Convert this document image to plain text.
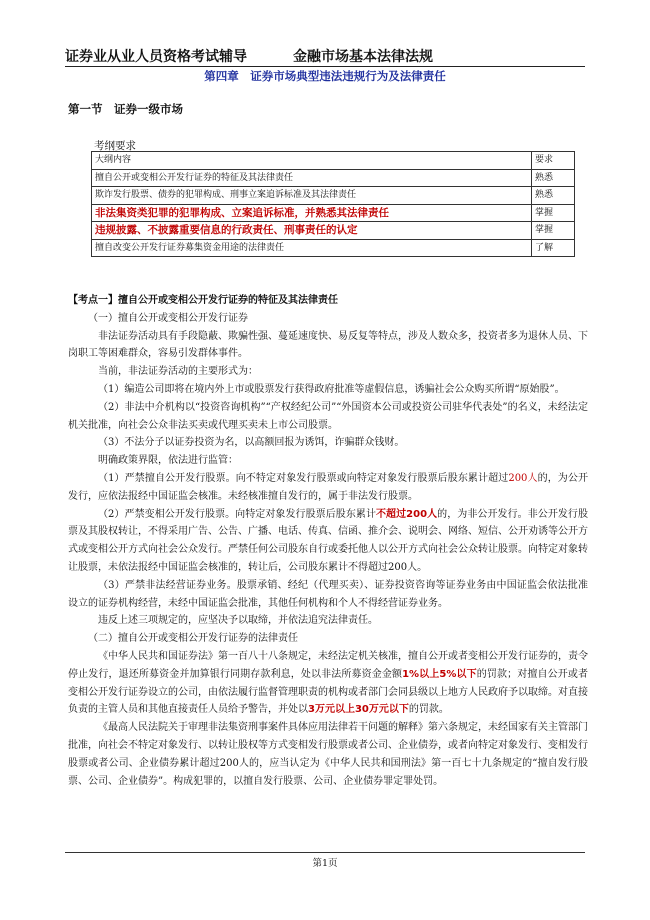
证券业从业人员资格考试辅导	金融市场基本法律法规
第四章　证券市场典型违法违规行为及法律责任
第一节　证券一级市场
考纲要求
大纲内容	要求
擅自公开或变相公开发行证券的特征及其法律责任	熟悉
欺诈发行股票、债券的犯罪构成、刑事立案追诉标准及其法律责任	熟悉
非法集资类犯罪的犯罪构成、立案追诉标准，并熟悉其法律责任	掌握
违规披露、不披露重要信息的行政责任、刑事责任的认定	掌握
擅自改变公开发行证券募集资金用途的法律责任	了解

【考点一】擅自公开或变相公开发行证券的特征及其法律责任

（一）擅自公开或变相公开发行证券

非法证券活动具有手段隐蔽、欺骗性强、蔓延速度快、易反复等特点，涉及人数众多，投资者多为退休人员、下岗职工等困难群众，容易引发群体事件。

当前，非法证券活动的主要形式为：

（1）编造公司即将在境内外上市或股票发行获得政府批准等虚假信息，诱骗社会公众购买所谓“原始股”。

（2）非法中介机构以“投资咨询机构”“产权经纪公司”“外国资本公司或投资公司驻华代表处”的名义，未经法定机关批准，向社会公众非法买卖或代理买卖未上市公司股票。

（3）不法分子以证券投资为名，以高额回报为诱饵，诈骗群众钱财。

明确政策界限，依法进行监管：

（1）严禁擅自公开发行股票。向不特定对象发行股票或向特定对象发行股票后股东累计超过200人的，为公开发行，应依法报经中国证监会核准。未经核准擅自发行的，属于非法发行股票。

（2）严禁变相公开发行股票。向特定对象发行股票后股东累计不超过200人的，为非公开发行。非公开发行股票及其股权转让，不得采用广告、公告、广播、电话、传真、信函、推介会、说明会、网络、短信、公开劝诱等公开方式或变相公开方式向社会公众发行。严禁任何公司股东自行或委托他人以公开方式向社会公众转让股票。向特定对象转让股票，未依法报经中国证监会核准的，转让后，公司股东累计不得超过200人。

（3）严禁非法经营证券业务。股票承销、经纪（代理买卖）、证券投资咨询等证券业务由中国证监会依法批准设立的证券机构经营，未经中国证监会批准，其他任何机构和个人不得经营证券业务。

违反上述三项规定的，应坚决予以取缔，并依法追究法律责任。

（二）擅自公开或变相公开发行证券的法律责任

《中华人民共和国证券法》第一百八十八条规定，未经法定机关核准，擅自公开或者变相公开发行证券的，责令停止发行，退还所募资金并加算银行同期存款利息，处以非法所募资金金额1%以上5%以下的罚款；对擅自公开或者变相公开发行证券设立的公司，由依法履行监督管理职责的机构或者部门会同县级以上地方人民政府予以取缔。对直接负责的主管人员和其他直接责任人员给予警告，并处以3万元以上30万元以下的罚款。

《最高人民法院关于审理非法集资刑事案件具体应用法律若干问题的解释》第六条规定，未经国家有关主管部门批准，向社会不特定对象发行、以转让股权等方式变相发行股票或者公司、企业债券，或者向特定对象发行、变相发行股票或者公司、企业债券累计超过200人的，应当认定为《中华人民共和国刑法》第一百七十九条规定的“擅自发行股票、公司、企业债券”。构成犯罪的，以擅自发行股票、公司、企业债券罪定罪处罚。

第1页
